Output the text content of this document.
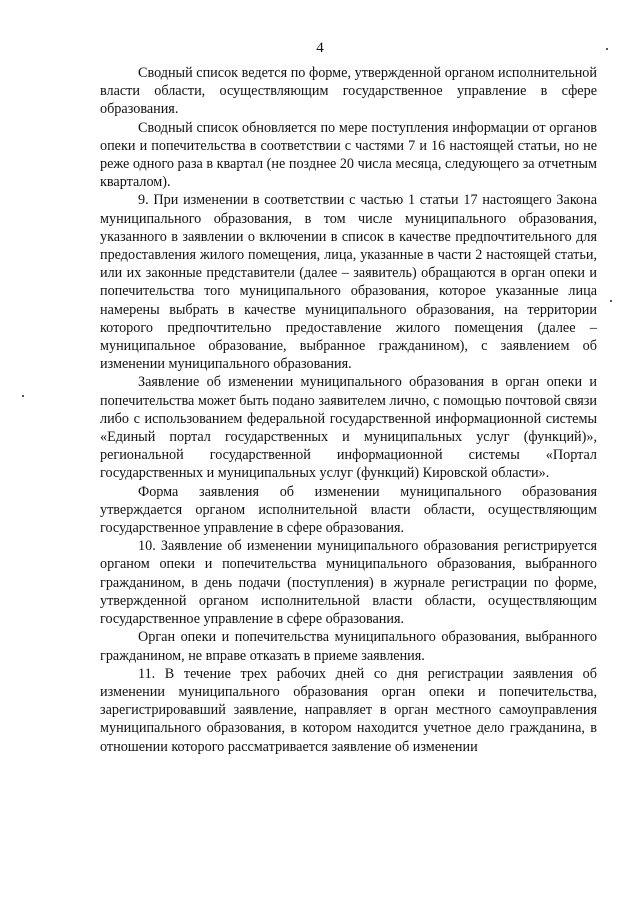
4

Сводный список ведется по форме, утвержденной органом исполнительной власти области, осуществляющим государственное управление в сфере образования.

Сводный список обновляется по мере поступления информации от органов опеки и попечительства в соответствии с частями 7 и 16 настоящей статьи, но не реже одного раза в квартал (не позднее 20 числа месяца, следующего за отчетным кварталом).

9. При изменении в соответствии с частью 1 статьи 17 настоящего Закона муниципального образования, в том числе муниципального образования, указанного в заявлении о включении в список в качестве предпочтительного для предоставления жилого помещения, лица, указанные в части 2 настоящей статьи, или их законные представители (далее – заявитель) обращаются в орган опеки и попечительства того муниципального образования, которое указанные лица намерены выбрать в качестве муниципального образования, на территории которого предпочтительно предоставление жилого помещения (далее – муниципальное образование, выбранное гражданином), с заявлением об изменении муниципального образования.

Заявление об изменении муниципального образования в орган опеки и попечительства может быть подано заявителем лично, с помощью почтовой связи либо с использованием федеральной государственной информационной системы «Единый портал государственных и муниципальных услуг (функций)», региональной государственной информационной системы «Портал государственных и муниципальных услуг (функций) Кировской области».

Форма заявления об изменении муниципального образования утверждается органом исполнительной власти области, осуществляющим государственное управление в сфере образования.

10. Заявление об изменении муниципального образования регистрируется органом опеки и попечительства муниципального образования, выбранного гражданином, в день подачи (поступления) в журнале регистрации по форме, утвержденной органом исполнительной власти области, осуществляющим государственное управление в сфере образования.

Орган опеки и попечительства муниципального образования, выбранного гражданином, не вправе отказать в приеме заявления.

11. В течение трех рабочих дней со дня регистрации заявления об изменении муниципального образования орган опеки и попечительства, зарегистрировавший заявление, направляет в орган местного самоуправления муниципального образования, в котором находится учетное дело гражданина, в отношении которого рассматривается заявление об изменении
